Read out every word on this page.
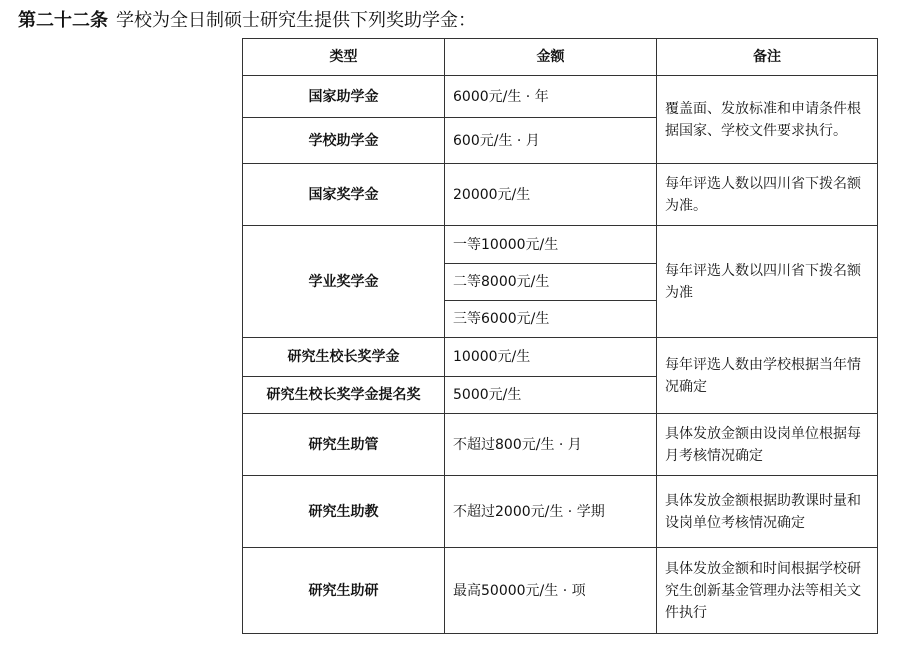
第二十二条 学校为全日制硕士研究生提供下列奖助学金：
类型	金额	备注
国家助学金	6000元/生 · 年	覆盖面、发放标准和申请条件根据国家、学校文件要求执行。
学校助学金	600元/生 · 月	
国家奖学金	20000元/生	每年评选人数以四川省下拨名额为准。
学业奖学金	一等10000元/生	每年评选人数以四川省下拨名额为准
	二等8000元/生	
	三等6000元/生	
研究生校长奖学金	10000元/生	每年评选人数由学校根据当年情况确定
研究生校长奖学金提名奖	5000元/生	
研究生助管	不超过800元/生 · 月	具体发放金额由设岗单位根据每月考核情况确定
研究生助教	不超过2000元/生 · 学期	具体发放金额根据助教课时量和设岗单位考核情况确定
研究生助研	最高50000元/生 · 项	具体发放金额和时间根据学校研究生创新基金管理办法等相关文件执行
